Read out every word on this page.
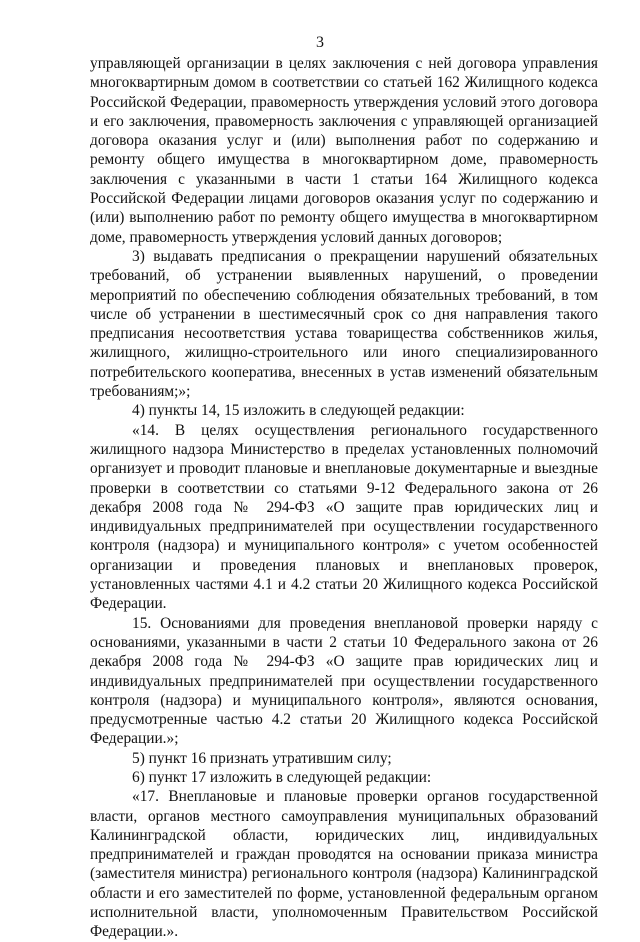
3

управляющей организации в целях заключения с ней договора управления многоквартирным домом в соответствии со статьей 162 Жилищного кодекса Российской Федерации, правомерность утверждения условий этого договора и его заключения, правомерность заключения с управляющей организацией договора оказания услуг и (или) выполнения работ по содержанию и ремонту общего имущества в многоквартирном доме, правомерность заключения с указанными в части 1 статьи 164 Жилищного кодекса Российской Федерации лицами договоров оказания услуг по содержанию и (или) выполнению работ по ремонту общего имущества в многоквартирном доме, правомерность утверждения условий данных договоров;

3) выдавать предписания о прекращении нарушений обязательных требований, об устранении выявленных нарушений, о проведении мероприятий по обеспечению соблюдения обязательных требований, в том числе об устранении в шестимесячный срок со дня направления такого предписания несоответствия устава товарищества собственников жилья, жилищного, жилищно-строительного или иного специализированного потребительского кооператива, внесенных в устав изменений обязательным требованиям;»;

4) пункты 14, 15 изложить в следующей редакции:

«14. В целях осуществления регионального государственного жилищного надзора Министерство в пределах установленных полномочий организует и проводит плановые и внеплановые документарные и выездные проверки в соответствии со статьями 9-12 Федерального закона от 26 декабря 2008 года № 294-ФЗ «О защите прав юридических лиц и индивидуальных предпринимателей при осуществлении государственного контроля (надзора) и муниципального контроля» с учетом особенностей организации и проведения плановых и внеплановых проверок, установленных частями 4.1 и 4.2 статьи 20 Жилищного кодекса Российской Федерации.

15. Основаниями для проведения внеплановой проверки наряду с основаниями, указанными в части 2 статьи 10 Федерального закона от 26 декабря 2008 года № 294-ФЗ «О защите прав юридических лиц и индивидуальных предпринимателей при осуществлении государственного контроля (надзора) и муниципального контроля», являются основания, предусмотренные частью 4.2 статьи 20 Жилищного кодекса Российской Федерации.»;

5) пункт 16 признать утратившим силу;

6) пункт 17 изложить в следующей редакции:

«17. Внеплановые и плановые проверки органов государственной власти, органов местного самоуправления муниципальных образований Калининградской области, юридических лиц, индивидуальных предпринимателей и граждан проводятся на основании приказа министра (заместителя министра) регионального контроля (надзора) Калининградской области и его заместителей по форме, установленной федеральным органом исполнительной власти, уполномоченным Правительством Российской Федерации.».
